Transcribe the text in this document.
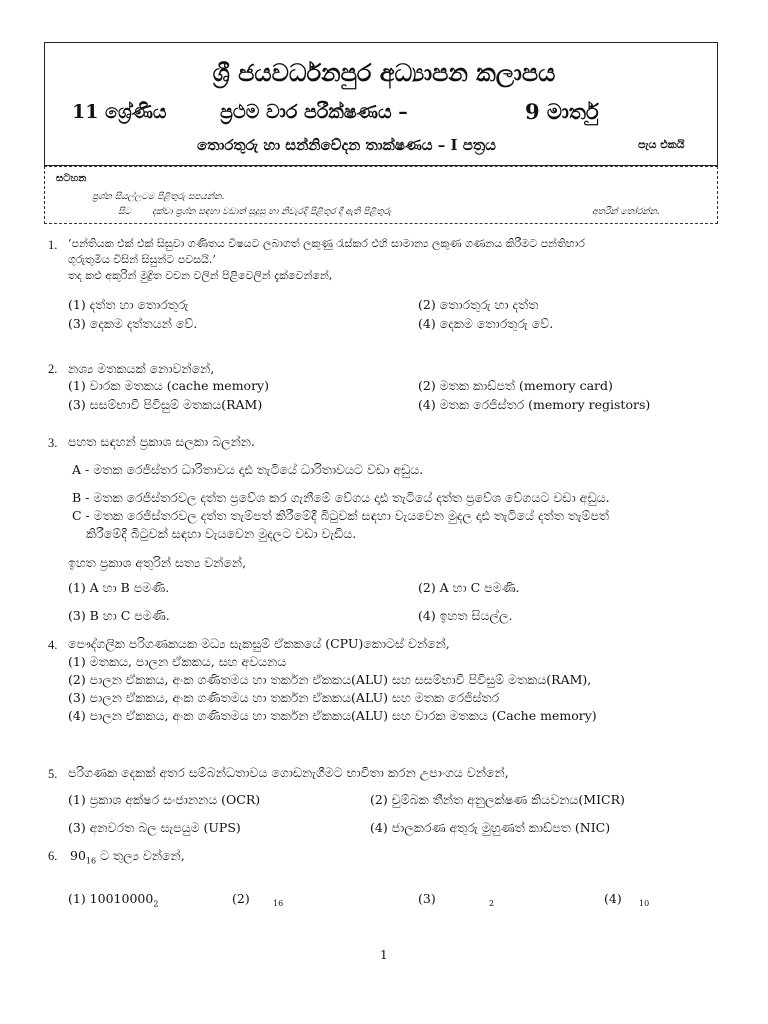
ශ්‍රී ජයවර්ධනපුර අධ්‍යාපන කලාපය
11 ශ්‍රේණිය	ප්‍රථම වාර පරීක්ෂණය –	9 මාර්තු
තොරතුරු හා සන්නිවේදන තාක්ෂණය – I පත්‍රය	පැය එකයි
සටහන
ප්‍රශ්න සියල්ලටම පිළිතුරු සපයන්න.
සිට දක්වා ප්‍රශ්න සඳහා වඩාත් සුදුසු හා නිවැරදි පිළිතුර දී ඇති පිළිතුරු	අතරින් තෝරන්න.
1. ‘පන්තියක එක් එක් සිසුවා ගණිතය විෂයට ලබාගත් ලකුණු රැස්කර එහි සාමාන්‍ය ලකුණ ගණනය කිරීමට පන්තිභාර
ගුරුතුමිය විසින් සිසුන්ට පවසයි.’
තද කළු අකුරින් මුද්‍රිත වචන වලින් පිළිවෙලින් දැක්වෙන්නේ,
(1) දත්ත හා තොරතුරු	(2) තොරතුරු හා දත්ත
(3) දෙකම දත්තයන් වේ.	(4) දෙකම තොරතුරු වේ.
2. නශ්‍ය මතකයක් නොවන්නේ,
(1) වාරක මතකය (cache memory)	(2) මතක කාඩ්පත් (memory card)
(3) සසම්භාවී පිවිසුම් මතකය(RAM)	(4) මතක රෙජිස්තර (memory registors)
3. පහත සඳහන් ප්‍රකාශ සලකා බලන්න.
A - මතක රෙජිස්තර ධාරිතාවය දෘඪ තැටියේ ධාරිතාවයට වඩා අඩුය.
B - මතක රෙජිස්තරවල දත්ත ප්‍රවේශ කර ගැනීමේ වේගය දෘඪ තැටියේ දත්ත ප්‍රවේශ වේගයට වඩා අඩුය.
C - මතක රෙජිස්තරවල දත්ත තැම්පත් කිරීමේදී බිටුවක් සඳහා වැයවෙන මුදල දෘඪ තැටියේ දත්ත තැම්පත්
කිරීමේදී බිටුවක් සඳහා වැයවෙන මුදලට වඩා වැඩිය.
ඉහත ප්‍රකාශ අතුරින් සත්‍ය වන්නේ,
(1) A හා B පමණි.	(2) A හා C පමණි.
(3) B හා C පමණි.	(4) ඉහත සියල්ල.
4. පෞද්ගලික පරිගණකයක මධ්‍ය සැකසුම් ඒකකයේ (CPU)කොටස් වන්නේ,
(1) මතකය, පාලන ඒකකය, සහ අවයනය
(2) පාලන ඒකකය, අංක ගණිතමය හා තර්කන ඒකකය(ALU) සහ සසම්භාවී පිවිසුම් මතකය(RAM),
(3) පාලන ඒකකය, අංක ගණිතමය හා තර්කන ඒකකය(ALU) සහ මතක රෙජිස්තර
(4) පාලන ඒකකය, අංක ගණිතමය හා තර්කන ඒකකය(ALU) සහ වාරක මතකය (Cache memory)
5. පරිගණක දෙකක් අතර සම්බන්ධතාවය ගොඩනැගීමට භාවිතා කරන උපාංගය වන්නේ,
(1) ප්‍රකාශ අක්ෂර සංජානනය (OCR)	(2) චුම්බක තීන්ත අනුලක්ෂණ කියවනය(MICR)
(3) අනවරත බල සැපයුම (UPS)	(4) ජාලකරණ අතුරු මුහුණත් කාඩ්පත (NIC)
6. $90_{16}$ ට තුල්‍ය වන්නේ,
(1) $10010000_2$	(2)	16	(3)	2	(4) 10
1
